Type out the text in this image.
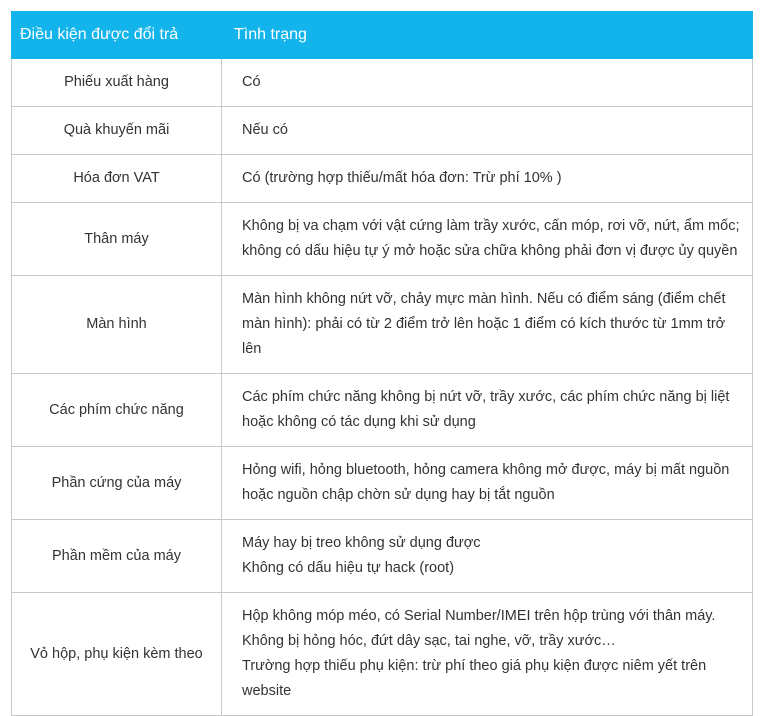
Điều kiện được đổi trả	Tình trạng
Phiếu xuất hàng	Có

Quà khuyến mãi	Nếu có

Hóa đơn VAT	Có (trường hợp thiếu/mất hóa đơn: Trừ phí 10% )

Thân máy	Không bị va chạm với vật cứng làm trầy xước, cấn móp, rơi vỡ, nứt, ẩm mốc; không có dấu hiệu tự ý mở hoặc sửa chữa không phải đơn vị được ủy quyền

Màn hình	Màn hình không nứt vỡ, chảy mực màn hình. Nếu có điểm sáng (điểm chết màn hình): phải có từ 2 điểm trở lên hoặc 1 điểm có kích thước từ 1mm trở lên

Các phím chức năng	Các phím chức năng không bị nứt vỡ, trầy xước, các phím chức năng bị liệt hoặc không có tác dụng khi sử dụng

Phần cứng của máy	Hỏng wifi, hỏng bluetooth, hỏng camera không mở được, máy bị mất nguồn hoặc nguồn chập chờn sử dụng hay bị tắt nguồn

Phần mềm của máy	Máy hay bị treo không sử dụng được
Không có dấu hiệu tự hack (root)

Vỏ hộp, phụ kiện kèm theo	Hộp không móp méo, có Serial Number/IMEI trên hộp trùng với thân máy.
Không bị hỏng hóc, đứt dây sạc, tai nghe, vỡ, trầy xước…
Trường hợp thiếu phụ kiện: trừ phí theo giá phụ kiện được niêm yết trên website
